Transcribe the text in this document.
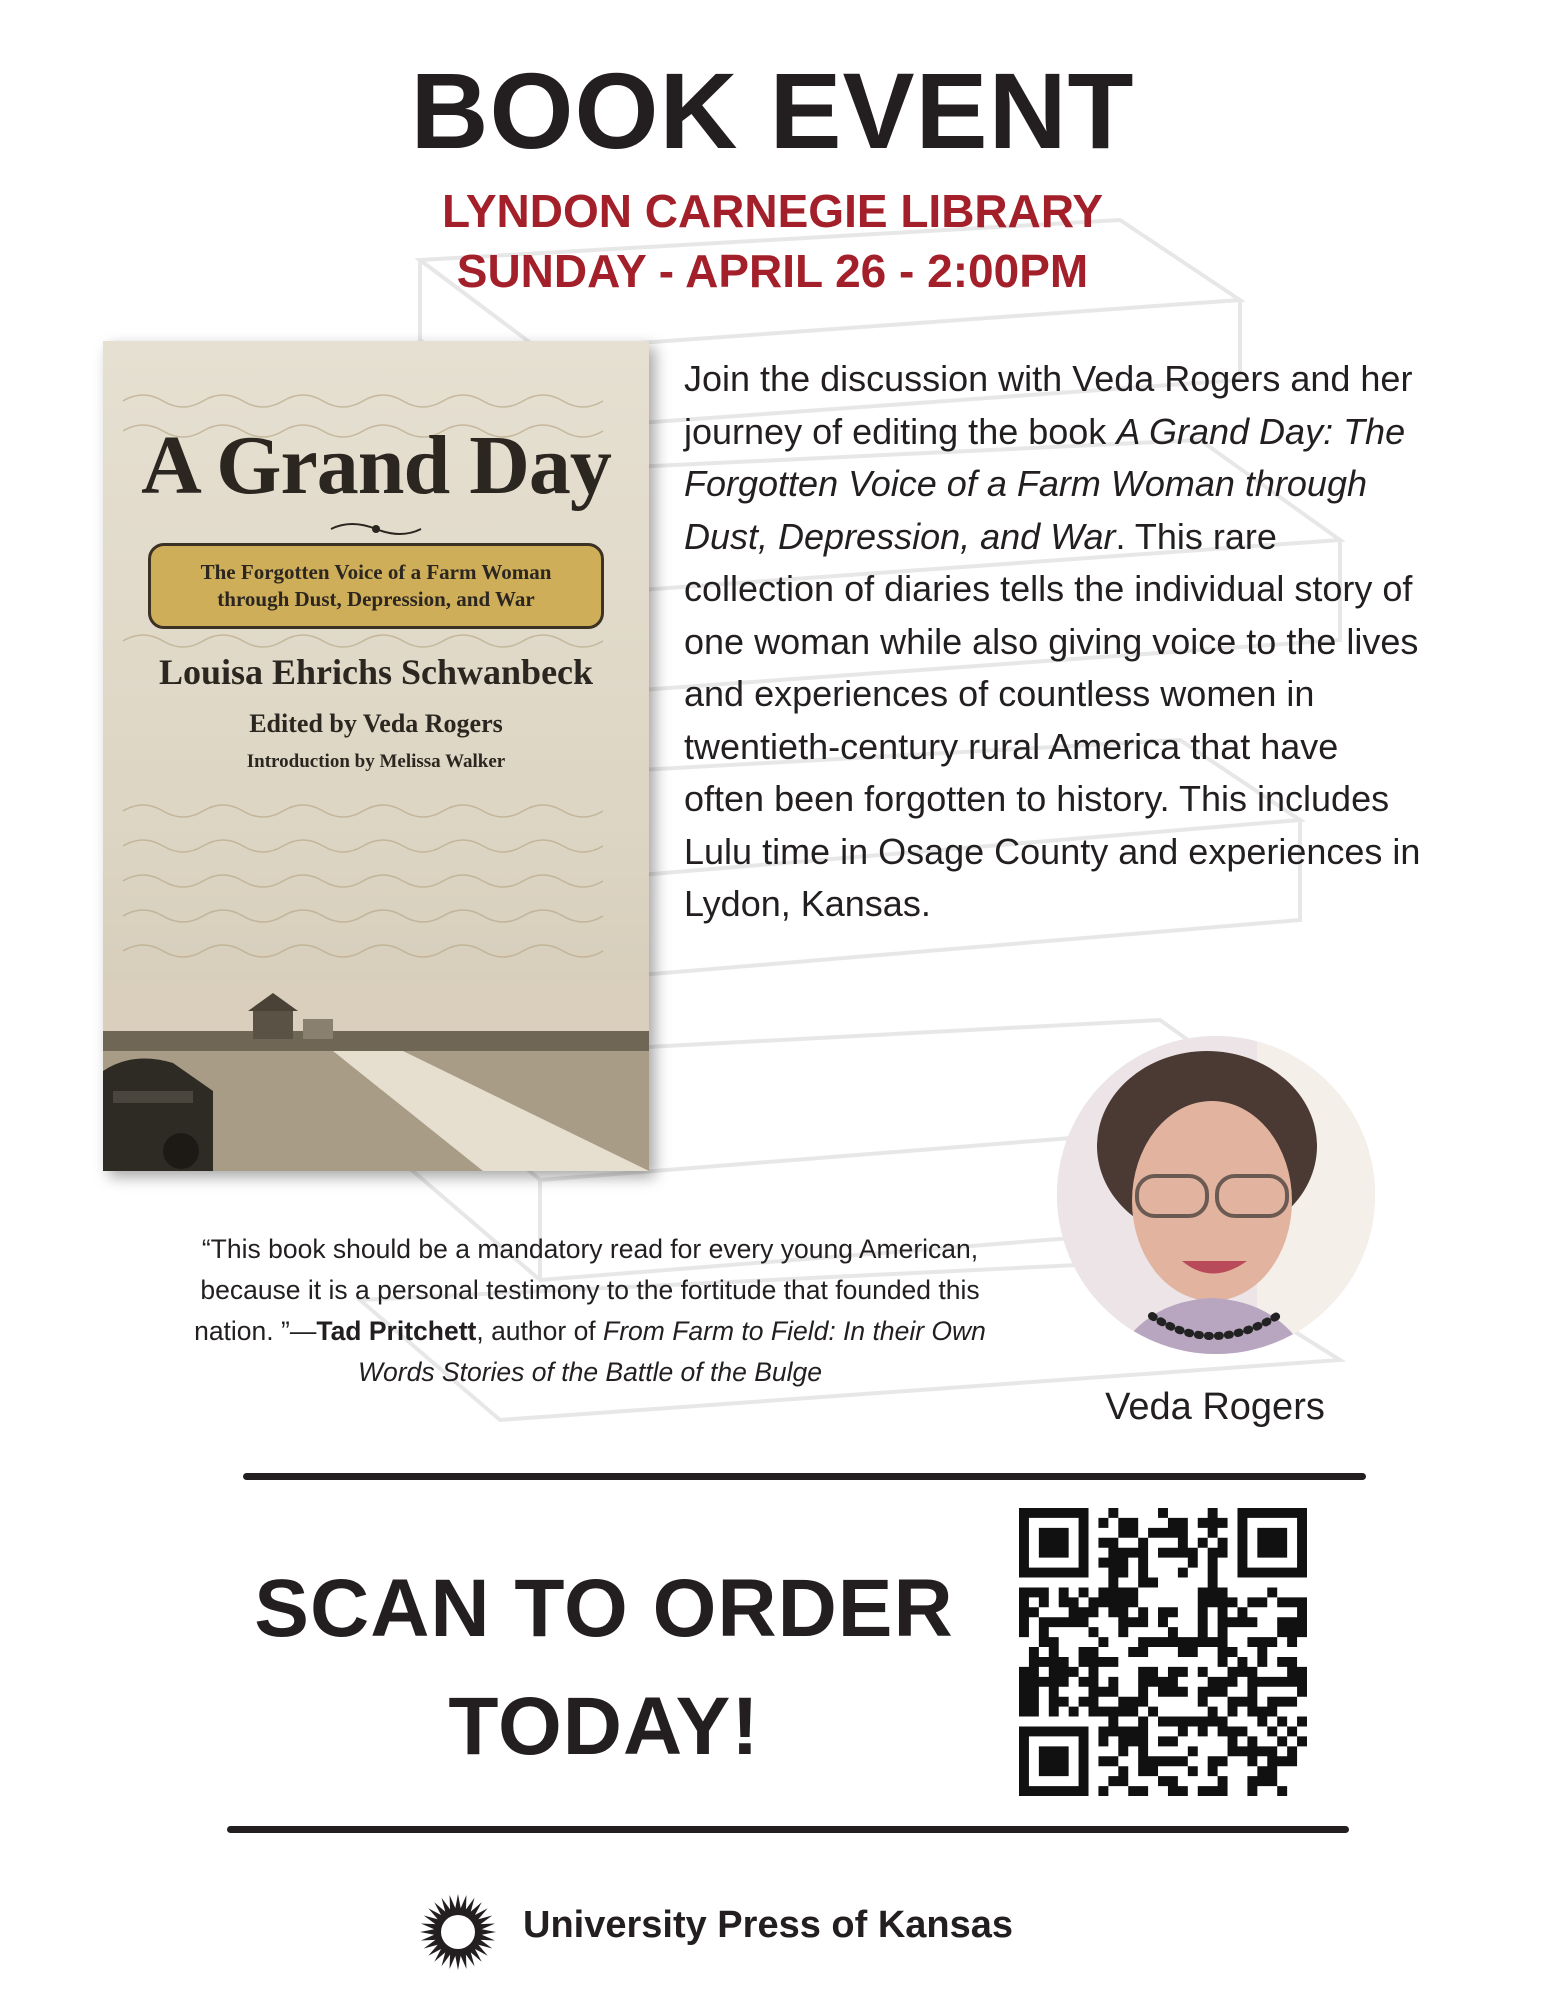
BOOK EVENT
LYNDON CARNEGIE LIBRARY
SUNDAY - APRIL 26 - 2:00PM
A Grand Day
The Forgotten Voice of a Farm Woman
through Dust, Depression, and War
Louisa Ehrichs Schwanbeck
Edited by Veda Rogers
Introduction by Melissa Walker
Join the discussion with Veda Rogers and her journey of editing the book A Grand Day: The Forgotten Voice of a Farm Woman through Dust, Depression, and War. This rare collection of diaries tells the individual story of one woman while also giving voice to the lives and experiences of countless women in twentieth-century rural America that have often been forgotten to history. This includes Lulu time in Osage County and experiences in Lydon, Kansas.
Veda Rogers
“This book should be a mandatory read for every young American, because it is a personal testimony to the fortitude that founded this nation. ”—Tad Pritchett, author of From Farm to Field: In their Own Words Stories of the Battle of the Bulge
SCAN TO ORDER
TODAY!
University Press of Kansas
